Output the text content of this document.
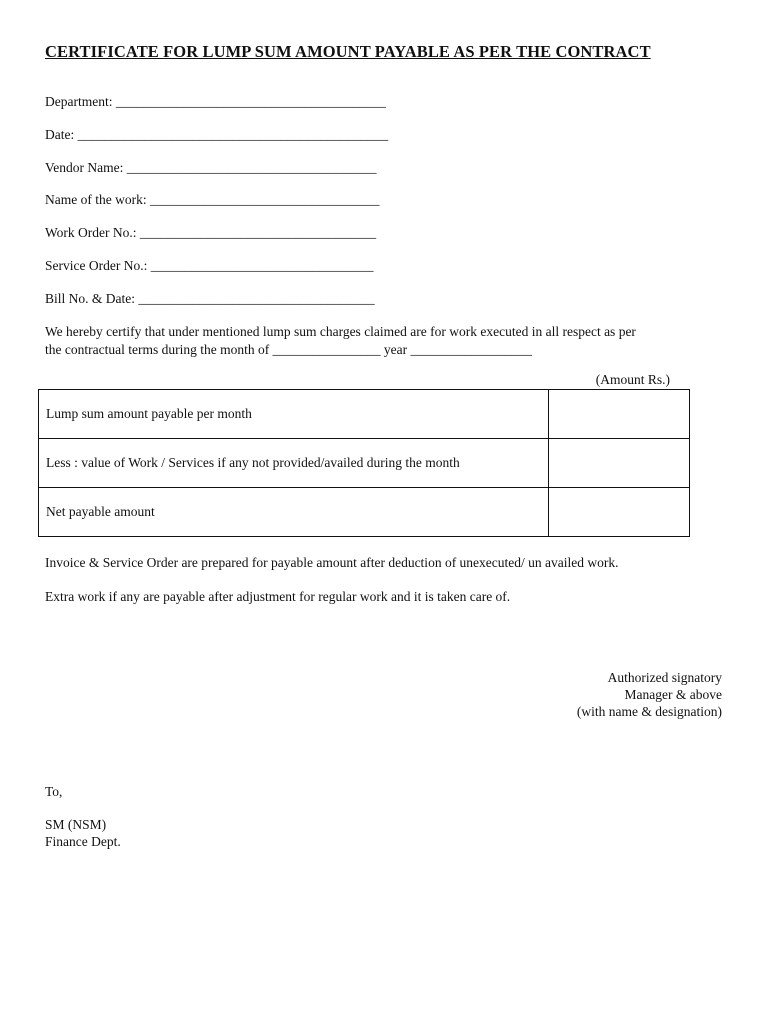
CERTIFICATE FOR LUMP SUM AMOUNT PAYABLE AS PER THE CONTRACT
Department: ________________________________________
Date: ______________________________________________
Vendor Name: _____________________________________
Name of the work: __________________________________
Work Order No.: ___________________________________
Service Order No.: _________________________________
Bill No. & Date: ___________________________________
We hereby certify that under mentioned lump sum charges claimed are for work executed in all respect as per
the contractual terms during the month of ________________ year __________________
(Amount Rs.)
Lump sum amount payable per month	
Less : value of Work / Services if any not provided/availed during the month	
Net payable amount	
Invoice & Service Order are prepared for payable amount after deduction of unexecuted/ un availed work.
Extra work if any are payable after adjustment for regular work and it is taken care of.
Authorized signatory
Manager & above
(with name & designation)
To,
SM (NSM)
Finance Dept.
